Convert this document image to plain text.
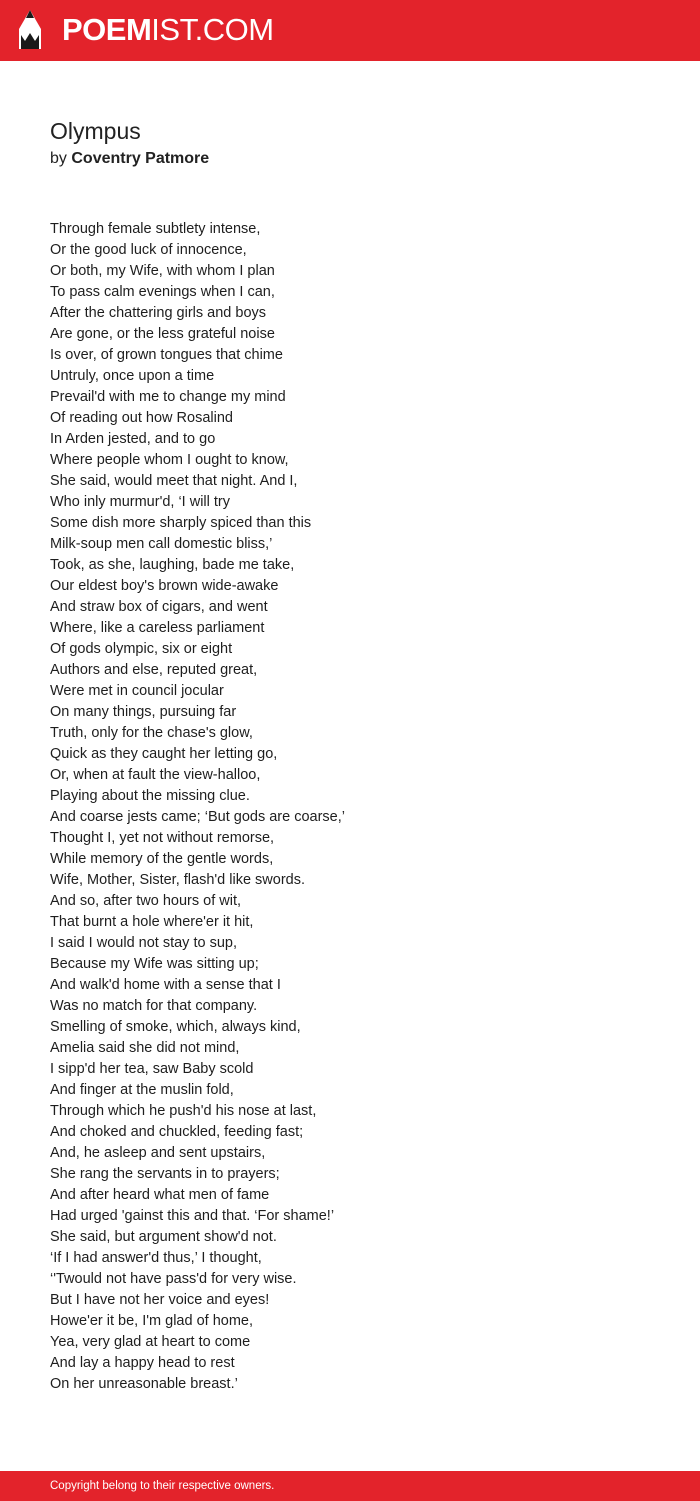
POEMIST.COM
Olympus
by Coventry Patmore
Through female subtlety intense,
Or the good luck of innocence,
Or both, my Wife, with whom I plan
To pass calm evenings when I can,
After the chattering girls and boys
Are gone, or the less grateful noise
Is over, of grown tongues that chime
Untruly, once upon a time
Prevail'd with me to change my mind
Of reading out how Rosalind
In Arden jested, and to go
Where people whom I ought to know,
She said, would meet that night. And I,
Who inly murmur'd, ‘I will try
Some dish more sharply spiced than this
Milk-soup men call domestic bliss,’
Took, as she, laughing, bade me take,
Our eldest boy's brown wide-awake
And straw box of cigars, and went
Where, like a careless parliament
Of gods olympic, six or eight
Authors and else, reputed great,
Were met in council jocular
On many things, pursuing far
Truth, only for the chase's glow,
Quick as they caught her letting go,
Or, when at fault the view-halloo,
Playing about the missing clue.
And coarse jests came; ‘But gods are coarse,’
Thought I, yet not without remorse,
While memory of the gentle words,
Wife, Mother, Sister, flash'd like swords.
And so, after two hours of wit,
That burnt a hole where'er it hit,
I said I would not stay to sup,
Because my Wife was sitting up;
And walk'd home with a sense that I
Was no match for that company.
Smelling of smoke, which, always kind,
Amelia said she did not mind,
I sipp'd her tea, saw Baby scold
And finger at the muslin fold,
Through which he push'd his nose at last,
And choked and chuckled, feeding fast;
And, he asleep and sent upstairs,
She rang the servants in to prayers;
And after heard what men of fame
Had urged 'gainst this and that. ‘For shame!’
She said, but argument show'd not.
‘If I had answer'd thus,’ I thought,
‘'Twould not have pass'd for very wise.
But I have not her voice and eyes!
Howe'er it be, I'm glad of home,
Yea, very glad at heart to come
And lay a happy head to rest
On her unreasonable breast.’
Copyright belong to their respective owners.
